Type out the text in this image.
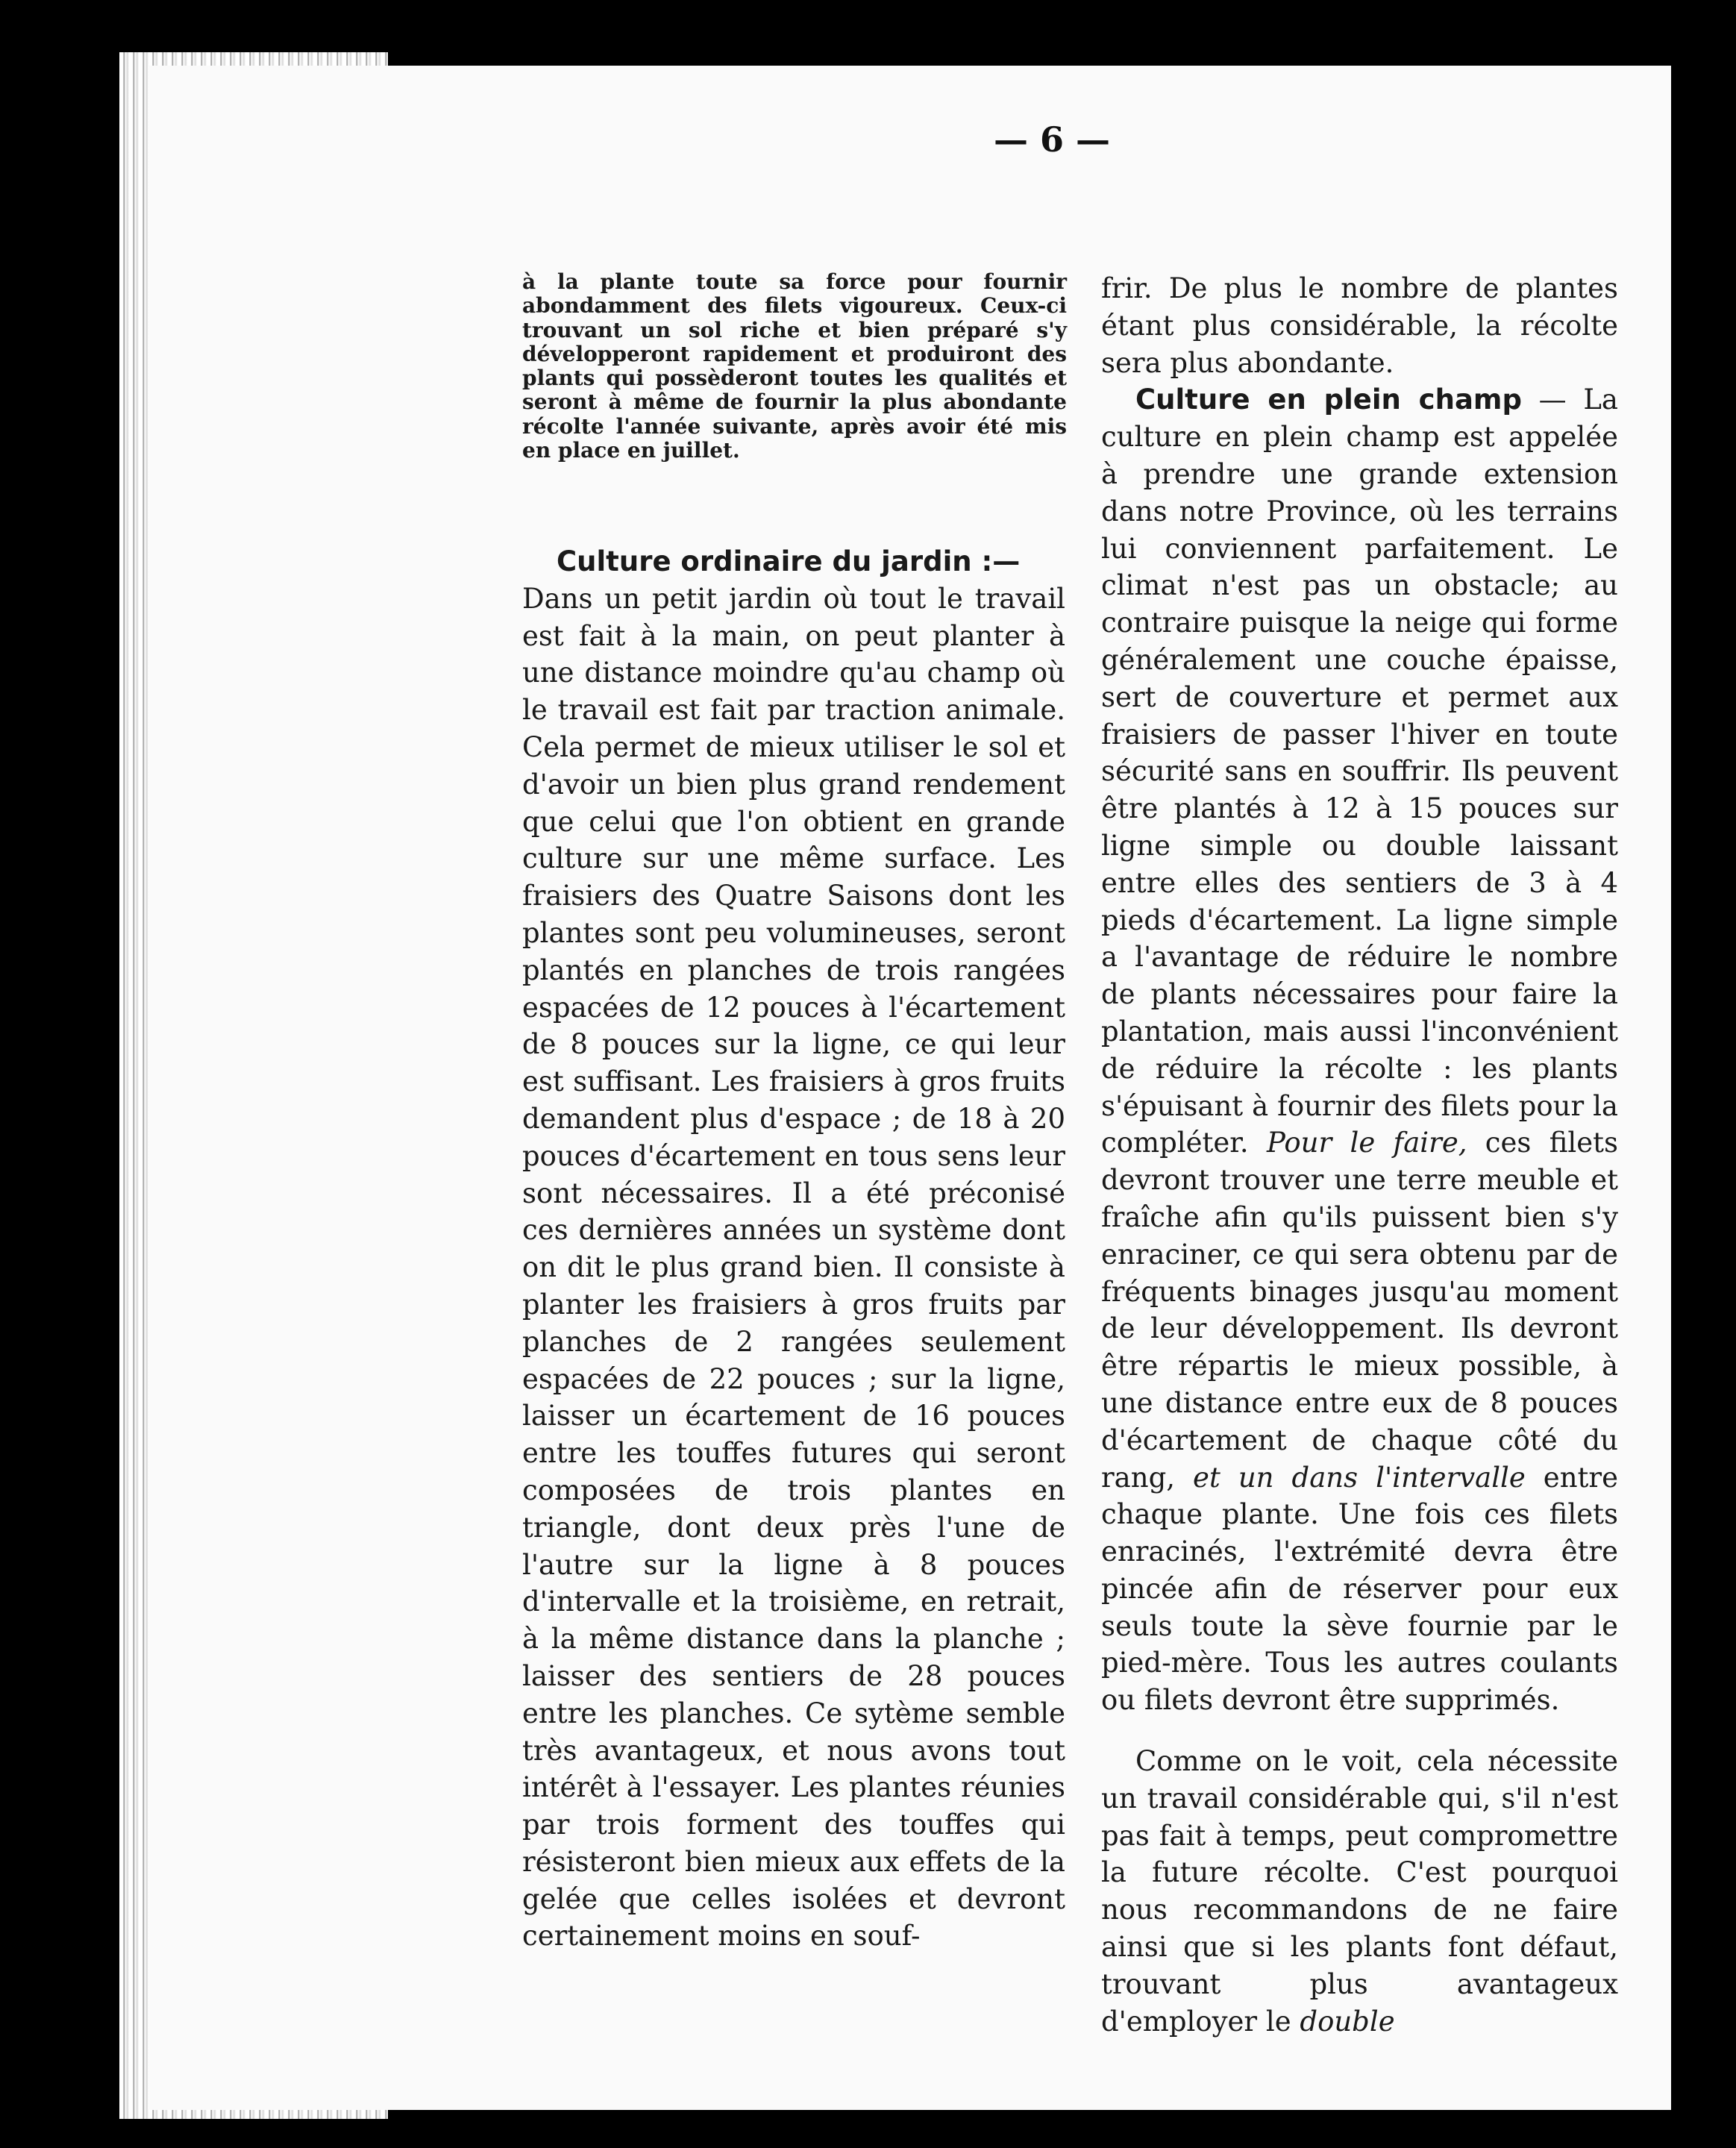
— 6 —

à la plante toute sa force pour fournir abondamment des filets vigoureux. Ceux-ci trouvant un sol riche et bien préparé s'y développeront rapidement et produiront des plants qui possèderont toutes les qualités et seront à même de fournir la plus abondante récolte l'année suivante, après avoir été mis en place en juillet.

Culture ordinaire du jardin :—

Dans un petit jardin où tout le travail est fait à la main, on peut planter à une distance moindre qu'au champ où le travail est fait par traction animale. Cela permet de mieux utiliser le sol et d'avoir un bien plus grand rendement que celui que l'on obtient en grande culture sur une même surface. Les fraisiers des Quatre Saisons dont les plantes sont peu volumineuses, seront plantés en planches de trois rangées espacées de 12 pouces à l'écartement de 8 pouces sur la ligne, ce qui leur est suffisant. Les fraisiers à gros fruits demandent plus d'espace ; de 18 à 20 pouces d'écartement en tous sens leur sont nécessaires. Il a été préconisé ces dernières années un système dont on dit le plus grand bien. Il consiste à planter les fraisiers à gros fruits par planches de 2 rangées seulement espacées de 22 pouces ; sur la ligne, laisser un écartement de 16 pouces entre les touffes futures qui seront composées de trois plantes en triangle, dont deux près l'une de l'autre sur la ligne à 8 pouces d'intervalle et la troisième, en retrait, à la même distance dans la planche ; laisser des sentiers de 28 pouces entre les planches. Ce sytème semble très avantageux, et nous avons tout intérêt à l'essayer. Les plantes réunies par trois forment des touffes qui résisteront bien mieux aux effets de la gelée que celles isolées et devront certainement moins en souf-

frir. De plus le nombre de plantes étant plus considérable, la récolte sera plus abondante.

Culture en plein champ — La culture en plein champ est appelée à prendre une grande extension dans notre Province, où les terrains lui conviennent parfaitement. Le climat n'est pas un obstacle; au contraire puisque la neige qui forme généralement une couche épaisse, sert de couverture et permet aux fraisiers de passer l'hiver en toute sécurité sans en souffrir. Ils peuvent être plantés à 12 à 15 pouces sur ligne simple ou double laissant entre elles des sentiers de 3 à 4 pieds d'écartement. La ligne simple a l'avantage de réduire le nombre de plants nécessaires pour faire la plantation, mais aussi l'inconvénient de réduire la récolte : les plants s'épuisant à fournir des filets pour la compléter. Pour le faire, ces filets devront trouver une terre meuble et fraîche afin qu'ils puissent bien s'y enraciner, ce qui sera obtenu par de fréquents binages jusqu'au moment de leur développement. Ils devront être répartis le mieux possible, à une distance entre eux de 8 pouces d'écartement de chaque côté du rang, et un dans l'intervalle entre chaque plante. Une fois ces filets enracinés, l'extrémité devra être pincée afin de réserver pour eux seuls toute la sève fournie par le pied-mère. Tous les autres coulants ou filets devront être supprimés.

Comme on le voit, cela nécessite un travail considérable qui, s'il n'est pas fait à temps, peut compromettre la future récolte. C'est pourquoi nous recommandons de ne faire ainsi que si les plants font défaut, trouvant plus avantageux d'employer le double
